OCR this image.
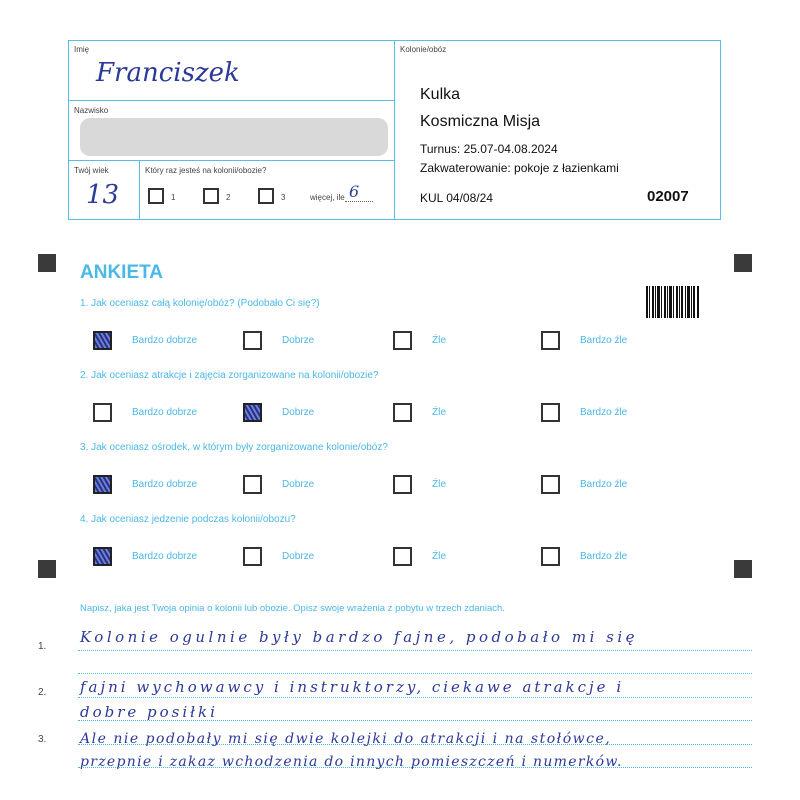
Imię
Franciszek
Nazwisko
Twój wiek
13
Który raz jesteś na kolonii/obozie?
1	2	3	więcej, ile 6
Kolonie/obóz
Kulka
Kosmiczna Misja
Turnus: 25.07-04.08.2024
Zakwaterowanie: pokoje z łazienkami
KUL 04/08/24	02007
ANKIETA
1. Jak oceniasz całą kolonię/obóz? (Podobało Ci się?)
Bardzo dobrze	Dobrze	Źle	Bardzo źle
2. Jak oceniasz atrakcje i zajęcia zorganizowane na kolonii/obozie?
Bardzo dobrze	Dobrze	Źle	Bardzo źle
3. Jak oceniasz ośrodek, w którym były zorganizowane kolonie/obóz?
Bardzo dobrze	Dobrze	Źle	Bardzo źle
4. Jak oceniasz jedzenie podczas kolonii/obozu?
Bardzo dobrze	Dobrze	Źle	Bardzo źle
Napisz, jaka jest Twoja opinia o kolonii lub obozie. Opisz swoje wrażenia z pobytu w trzech zdaniach.
1.
2.
3.
Kolonie ogulnie były bardzo fajne, podobało mi się
fajni wychowawcy i instruktorzy, ciekawe atrakcje i
dobre posiłki
Ale nie podobały mi się dwie kolejki do atrakcji i na stołówce,
przepnie i zakaz wchodzenia do innych pomieszczeń i numerków.
